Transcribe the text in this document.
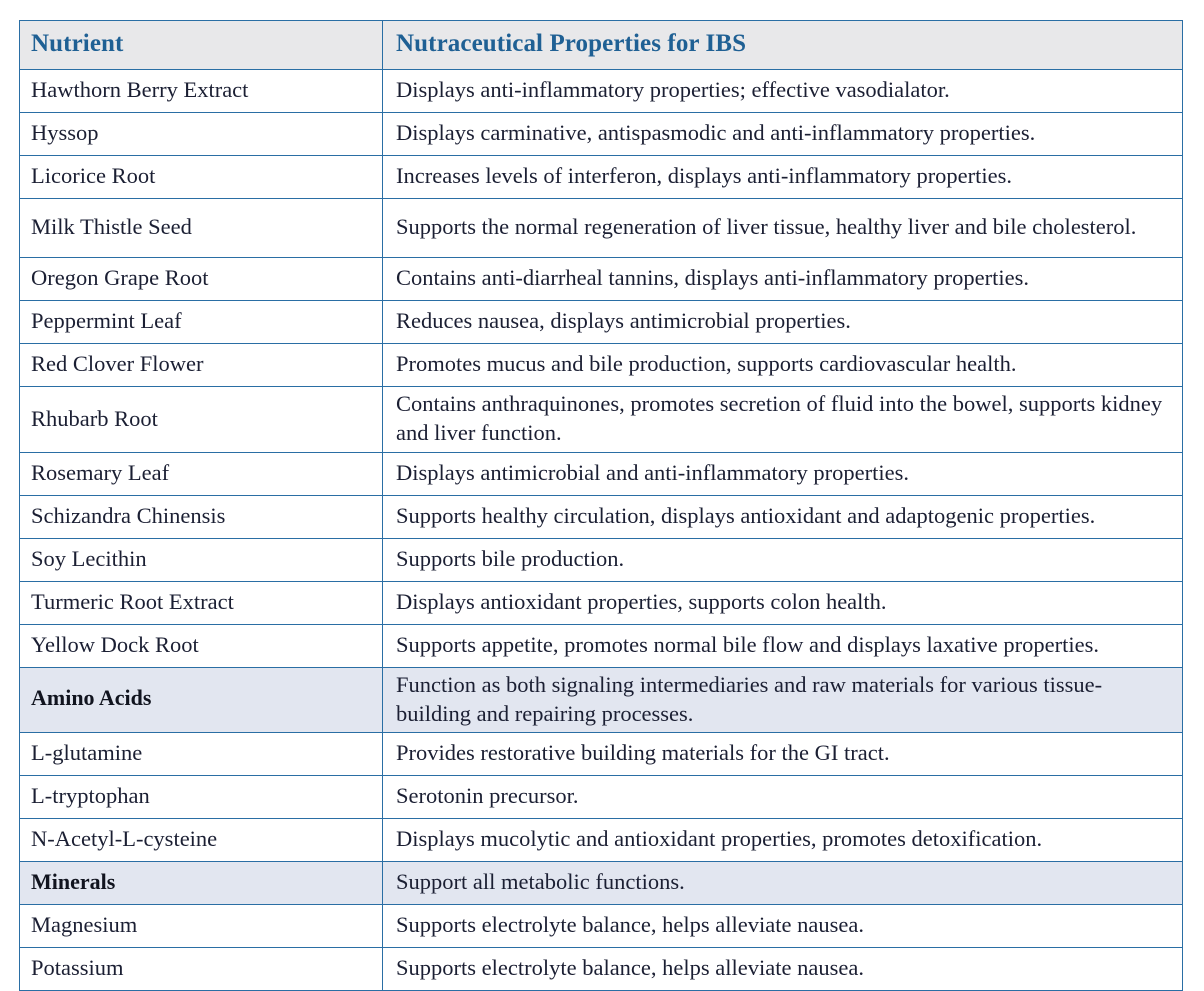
Nutrient	Nutraceutical Properties for IBS
Hawthorn Berry Extract	Displays anti-inflammatory properties; effective vasodialator.
Hyssop	Displays carminative, antispasmodic and anti-inflammatory properties.
Licorice Root	Increases levels of interferon, displays anti-inflammatory properties.
Milk Thistle Seed	Supports the normal regeneration of liver tissue, healthy liver and bile cholesterol.
Oregon Grape Root	Contains anti-diarrheal tannins, displays anti-inflammatory properties.
Peppermint Leaf	Reduces nausea, displays antimicrobial properties.
Red Clover Flower	Promotes mucus and bile production, supports cardiovascular health.
Rhubarb Root	Contains anthraquinones, promotes secretion of fluid into the bowel, supports kidney and liver function.
Rosemary Leaf	Displays antimicrobial and anti-inflammatory properties.
Schizandra Chinensis	Supports healthy circulation, displays antioxidant and adaptogenic properties.
Soy Lecithin	Supports bile production.
Turmeric Root Extract	Displays antioxidant properties, supports colon health.
Yellow Dock Root	Supports appetite, promotes normal bile flow and displays laxative properties.
Amino Acids	Function as both signaling intermediaries and raw materials for various tissue-building and repairing processes.
L-glutamine	Provides restorative building materials for the GI tract.
L-tryptophan	Serotonin precursor.
N-Acetyl-L-cysteine	Displays mucolytic and antioxidant properties, promotes detoxification.
Minerals	Support all metabolic functions.
Magnesium	Supports electrolyte balance, helps alleviate nausea.
Potassium	Supports electrolyte balance, helps alleviate nausea.
